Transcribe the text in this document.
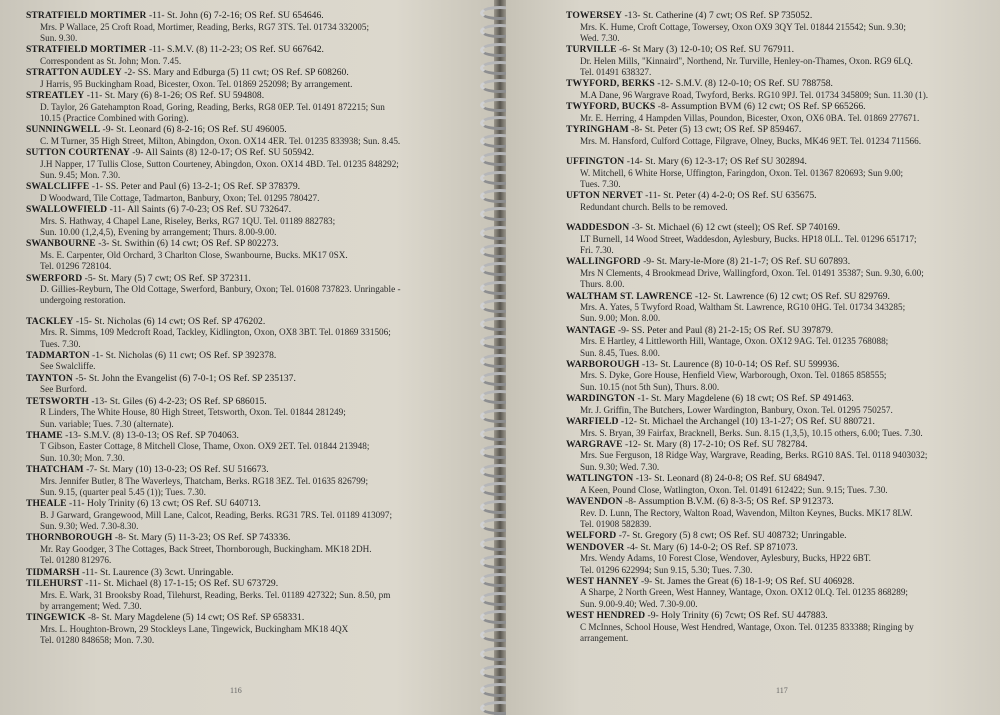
STRATFIELD MORTIMER -11- St. John (6) 7-2-16; OS Ref. SU 654646.
Mrs. P Wallace, 25 Croft Road, Mortimer, Reading, Berks, RG7 3TS. Tel. 01734 332005;
Sun. 9.30.
STRATFIELD MORTIMER -11- S.M.V. (8) 11-2-23; OS Ref. SU 667642.
Correspondent as St. John; Mon. 7.45.
STRATTON AUDLEY -2- SS. Mary and Edburga (5) 11 cwt; OS Ref. SP 608260.
J Harris, 95 Buckingham Road, Bicester, Oxon. Tel. 01869 252098; By arrangement.
STREATLEY -11- St. Mary (6) 8-1-26; OS Ref. SU 594808.
D. Taylor, 26 Gatehampton Road, Goring, Reading, Berks, RG8 0EP. Tel. 01491 872215; Sun
10.15 (Practice Combined with Goring).
SUNNINGWELL -9- St. Leonard (6) 8-2-16; OS Ref. SU 496005.
C. M Turner, 35 High Street, Milton, Abingdon, Oxon. OX14 4ER. Tel. 01235 833938; Sun. 8.45.
SUTTON COURTENAY -9- All Saints (8) 12-0-17; OS Ref. SU 505942.
J.H Napper, 17 Tullis Close, Sutton Courteney, Abingdon, Oxon. OX14 4BD. Tel. 01235 848292;
Sun. 9.45; Mon. 7.30.
SWALCLIFFE -1- SS. Peter and Paul (6) 13-2-1; OS Ref. SP 378379.
D Woodward, Tile Cottage, Tadmarton, Banbury, Oxon; Tel. 01295 780427.
SWALLOWFIELD -11- All Saints (6) 7-0-23; OS Ref. SU 732647.
Mrs. S. Hathway, 4 Chapel Lane, Riseley, Berks, RG7 1QU. Tel. 01189 882783;
Sun. 10.00 (1,2,4,5), Evening by arrangement; Thurs. 8.00-9.00.
SWANBOURNE -3- St. Swithin (6) 14 cwt; OS Ref. SP 802273.
Ms. E. Carpenter, Old Orchard, 3 Charlton Close, Swanbourne, Bucks. MK17 0SX.
Tel. 01296 728104.
SWERFORD -5- St. Mary (5) 7 cwt; OS Ref. SP 372311.
D. Gillies-Reyburn, The Old Cottage, Swerford, Banbury, Oxon; Tel. 01608 737823. Unringable -
undergoing restoration.
TACKLEY -15- St. Nicholas (6) 14 cwt; OS Ref. SP 476202.
Mrs. R. Simms, 109 Medcroft Road, Tackley, Kidlington, Oxon, OX8 3BT. Tel. 01869 331506;
Tues. 7.30.
TADMARTON -1- St. Nicholas (6) 11 cwt; OS Ref. SP 392378.
See Swalcliffe.
TAYNTON -5- St. John the Evangelist (6) 7-0-1; OS Ref. SP 235137.
See Burford.
TETSWORTH -13- St. Giles (6) 4-2-23; OS Ref. SP 686015.
R Linders, The White House, 80 High Street, Tetsworth, Oxon. Tel. 01844 281249;
Sun. variable; Tues. 7.30 (alternate).
THAME -13- S.M.V. (8) 13-0-13; OS Ref. SP 704063.
T Gibson, Easter Cottage, 8 Mitchell Close, Thame, Oxon. OX9 2ET. Tel. 01844 213948;
Sun. 10.30; Mon. 7.30.
THATCHAM -7- St. Mary (10) 13-0-23; OS Ref. SU 516673.
Mrs. Jennifer Butler, 8 The Waverleys, Thatcham, Berks. RG18 3EZ. Tel. 01635 826799;
Sun. 9.15, (quarter peal 5.45 (1)); Tues. 7.30.
THEALE -11- Holy Trinity (6) 13 cwt; OS Ref. SU 640713.
B. J Garward, Grangewood, Mill Lane, Calcot, Reading, Berks. RG31 7RS. Tel. 01189 413097;
Sun. 9.30; Wed. 7.30-8.30.
THORNBOROUGH -8- St. Mary (5) 11-3-23; OS Ref. SP 743336.
Mr. Ray Goodger, 3 The Cottages, Back Street, Thornborough, Buckingham. MK18 2DH.
Tel. 01280 812976.
TIDMARSH -11- St. Laurence (3) 3cwt. Unringable.
TILEHURST -11- St. Michael (8) 17-1-15; OS Ref. SU 673729.
Mrs. E. Wark, 31 Brooksby Road, Tilehurst, Reading, Berks. Tel. 01189 427322; Sun. 8.50, pm
by arrangement; Wed. 7.30.
TINGEWICK -8- St. Mary Magdelene (5) 14 cwt; OS Ref. SP 658331.
Mrs. L. Houghton-Brown, 29 Stockleys Lane, Tingewick, Buckingham MK18 4QX
Tel. 01280 848658; Mon. 7.30.
116
TOWERSEY -13- St. Catherine (4) 7 cwt; OS Ref. SP 735052.
Mrs. K. Hume, Croft Cottage, Towersey, Oxon OX9 3QY Tel. 01844 215542; Sun. 9.30;
Wed. 7.30.
TURVILLE -6- St Mary (3) 12-0-10; OS Ref. SU 767911.
Dr. Helen Mills, "Kinnaird", Northend, Nr. Turville, Henley-on-Thames, Oxon. RG9 6LQ.
Tel. 01491 638327.
TWYFORD, BERKS -12- S.M.V. (8) 12-0-10; OS Ref. SU 788758.
M.A Dane, 96 Wargrave Road, Twyford, Berks. RG10 9PJ. Tel. 01734 345809; Sun. 11.30 (1).
TWYFORD, BUCKS -8- Assumption BVM (6) 12 cwt; OS Ref. SP 665266.
Mr. E. Herring, 4 Hampden Villas, Poundon, Bicester, Oxon, OX6 0BA. Tel. 01869 277671.
TYRINGHAM -8- St. Peter (5) 13 cwt; OS Ref. SP 859467.
Mrs. M. Hansford, Culford Cottage, Filgrave, Olney, Bucks, MK46 9ET. Tel. 01234 711566.
UFFINGTON -14- St. Mary (6) 12-3-17; OS Ref SU 302894.
W. Mitchell, 6 White Horse, Uffington, Faringdon, Oxon. Tel. 01367 820693; Sun 9.00;
Tues. 7.30.
UFTON NERVET -11- St. Peter (4) 4-2-0; OS Ref. SU 635675.
Redundant church. Bells to be removed.
WADDESDON -3- St. Michael (6) 12 cwt (steel); OS Ref. SP 740169.
LT Burnell, 14 Wood Street, Waddesdon, Aylesbury, Bucks. HP18 0LL. Tel. 01296 651717;
Fri. 7.30.
WALLINGFORD -9- St. Mary-le-More (8) 21-1-7; OS Ref. SU 607893.
Mrs N Clements, 4 Brookmead Drive, Wallingford, Oxon. Tel. 01491 35387; Sun. 9.30, 6.00;
Thurs. 8.00.
WALTHAM ST. LAWRENCE -12- St. Lawrence (6) 12 cwt; OS Ref. SU 829769.
Mrs. A. Yates, 5 Twyford Road, Waltham St. Lawrence, RG10 0HG. Tel. 01734 343285;
Sun. 9.00; Mon. 8.00.
WANTAGE -9- SS. Peter and Paul (8) 21-2-15; OS Ref. SU 397879.
Mrs. E Hartley, 4 Littleworth Hill, Wantage, Oxon. OX12 9AG. Tel. 01235 768088;
Sun. 8.45, Tues. 8.00.
WARBOROUGH -13- St. Laurence (8) 10-0-14; OS Ref. SU 599936.
Mrs. S. Dyke, Gore House, Henfield View, Warborough, Oxon. Tel. 01865 858555;
Sun. 10.15 (not 5th Sun), Thurs. 8.00.
WARDINGTON -1- St. Mary Magdelene (6) 18 cwt; OS Ref. SP 491463.
Mr. J. Griffin, The Butchers, Lower Wardington, Banbury, Oxon. Tel. 01295 750257.
WARFIELD -12- St. Michael the Archangel (10) 13-1-27; OS Ref. SU 880721.
Mrs. S. Bryan, 39 Fairfax, Bracknell, Berks. Sun. 8.15 (1,3,5), 10.15 others, 6.00; Tues. 7.30.
WARGRAVE -12- St. Mary (8) 17-2-10; OS Ref. SU 782784.
Mrs. Sue Ferguson, 18 Ridge Way, Wargrave, Reading, Berks. RG10 8AS. Tel. 0118 9403032;
Sun. 9.30; Wed. 7.30.
WATLINGTON -13- St. Leonard (8) 24-0-8; OS Ref. SU 684947.
A Keen, Pound Close, Watlington, Oxon. Tel. 01491 612422; Sun. 9.15; Tues. 7.30.
WAVENDON -8- Assumption B.V.M. (6) 8-3-5; OS Ref. SP 912373.
Rev. D. Lunn, The Rectory, Walton Road, Wavendon, Milton Keynes, Bucks. MK17 8LW.
Tel. 01908 582839.
WELFORD -7- St. Gregory (5) 8 cwt; OS Ref. SU 408732; Unringable.
WENDOVER -4- St. Mary (6) 14-0-2; OS Ref. SP 871073.
Mrs. Wendy Adams, 10 Forest Close, Wendover, Aylesbury, Bucks, HP22 6BT.
Tel. 01296 622994; Sun 9.15, 5.30; Tues. 7.30.
WEST HANNEY -9- St. James the Great (6) 18-1-9; OS Ref. SU 406928.
A Sharpe, 2 North Green, West Hanney, Wantage, Oxon. OX12 0LQ. Tel. 01235 868289;
Sun. 9.00-9.40; Wed. 7.30-9.00.
WEST HENDRED -9- Holy Trinity (6) 7cwt; OS Ref. SU 447883.
C McInnes, School House, West Hendred, Wantage, Oxon. Tel. 01235 833388; Ringing by
arrangement.
117
